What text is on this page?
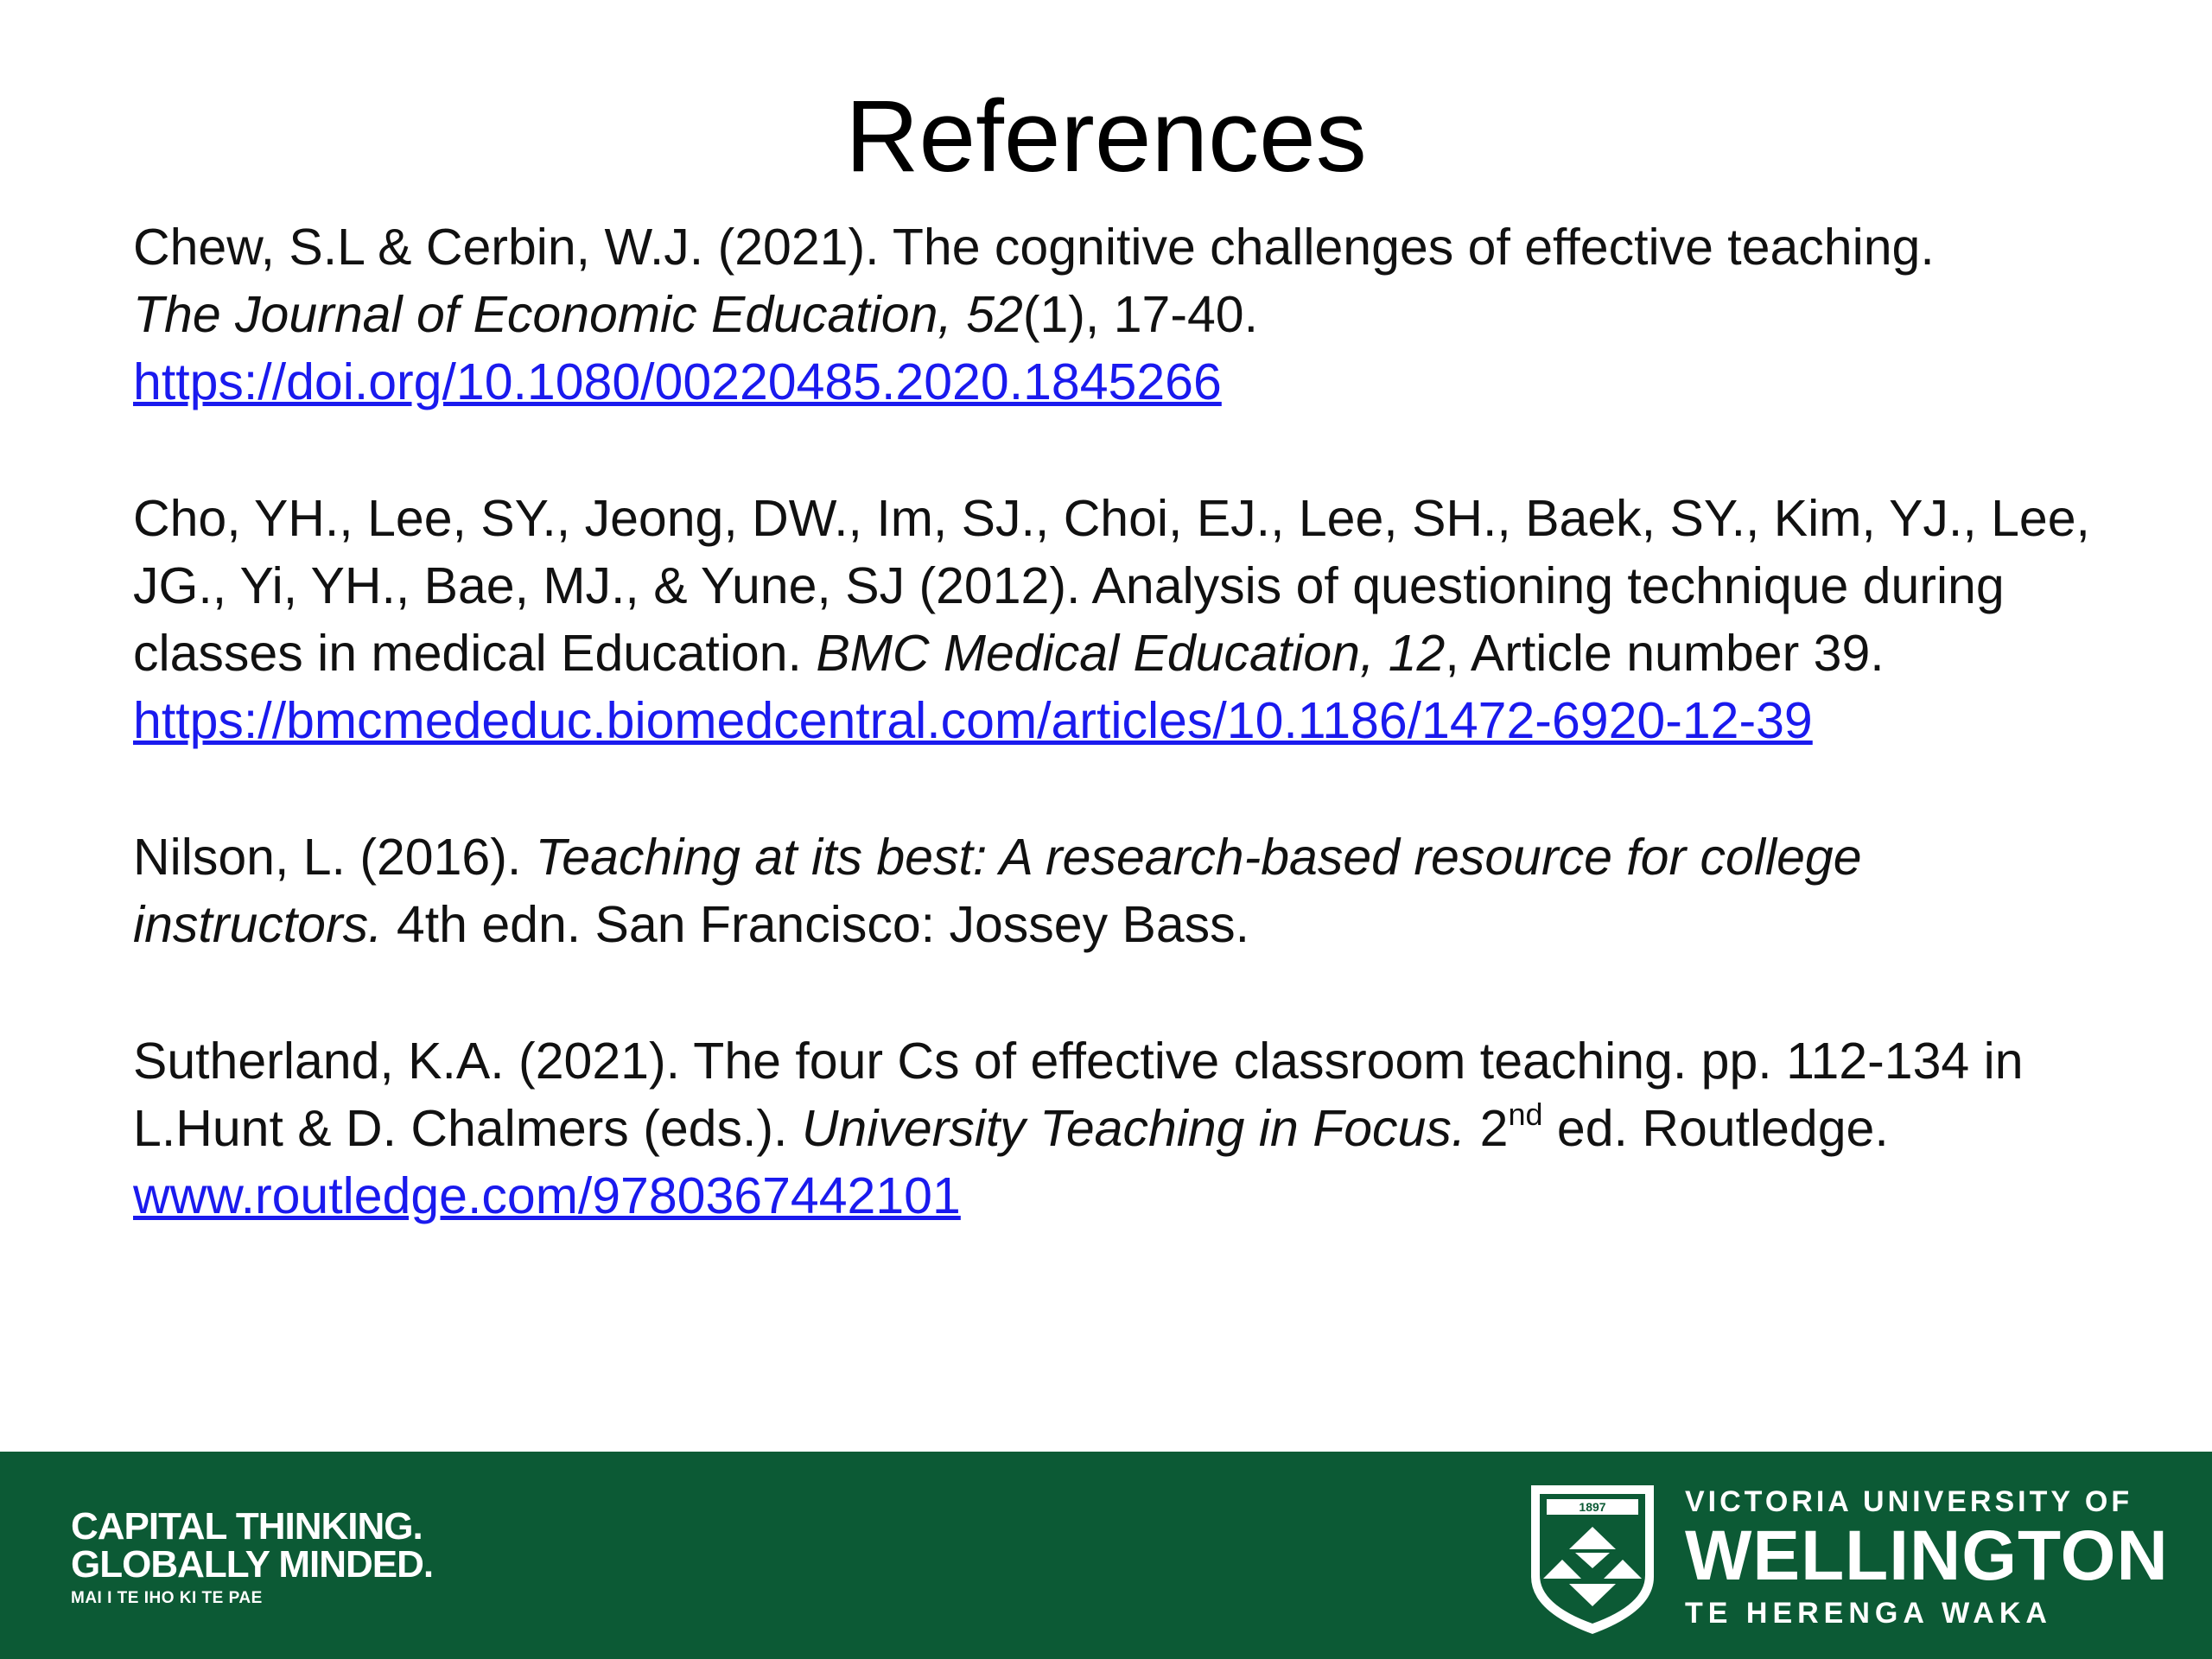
References

Chew, S.L & Cerbin, W.J. (2021). The cognitive challenges of effective teaching.
The Journal of Economic Education, 52(1), 17-40.
https://doi.org/10.1080/00220485.2020.1845266

Cho, YH., Lee, SY., Jeong, DW., Im, SJ., Choi, EJ., Lee, SH., Baek, SY., Kim, YJ., Lee, JG., Yi, YH., Bae, MJ., & Yune, SJ (2012). Analysis of questioning technique during classes in medical Education. BMC Medical Education, 12, Article number 39. https://bmcmededuc.biomedcentral.com/articles/10.1186/1472-6920-12-39

Nilson, L. (2016). Teaching at its best: A research-based resource for college instructors. 4th edn. San Francisco: Jossey Bass.

Sutherland, K.A. (2021). The four Cs of effective classroom teaching. pp. 112-134 in L.Hunt & D. Chalmers (eds.). University Teaching in Focus. 2nd ed. Routledge. www.routledge.com/9780367442101

CAPITAL THINKING.
GLOBALLY MINDED.
MAI I TE IHO KI TE PAE
1897	VICTORIA UNIVERSITY OF
WELLINGTON
TE HERENGA WAKA
